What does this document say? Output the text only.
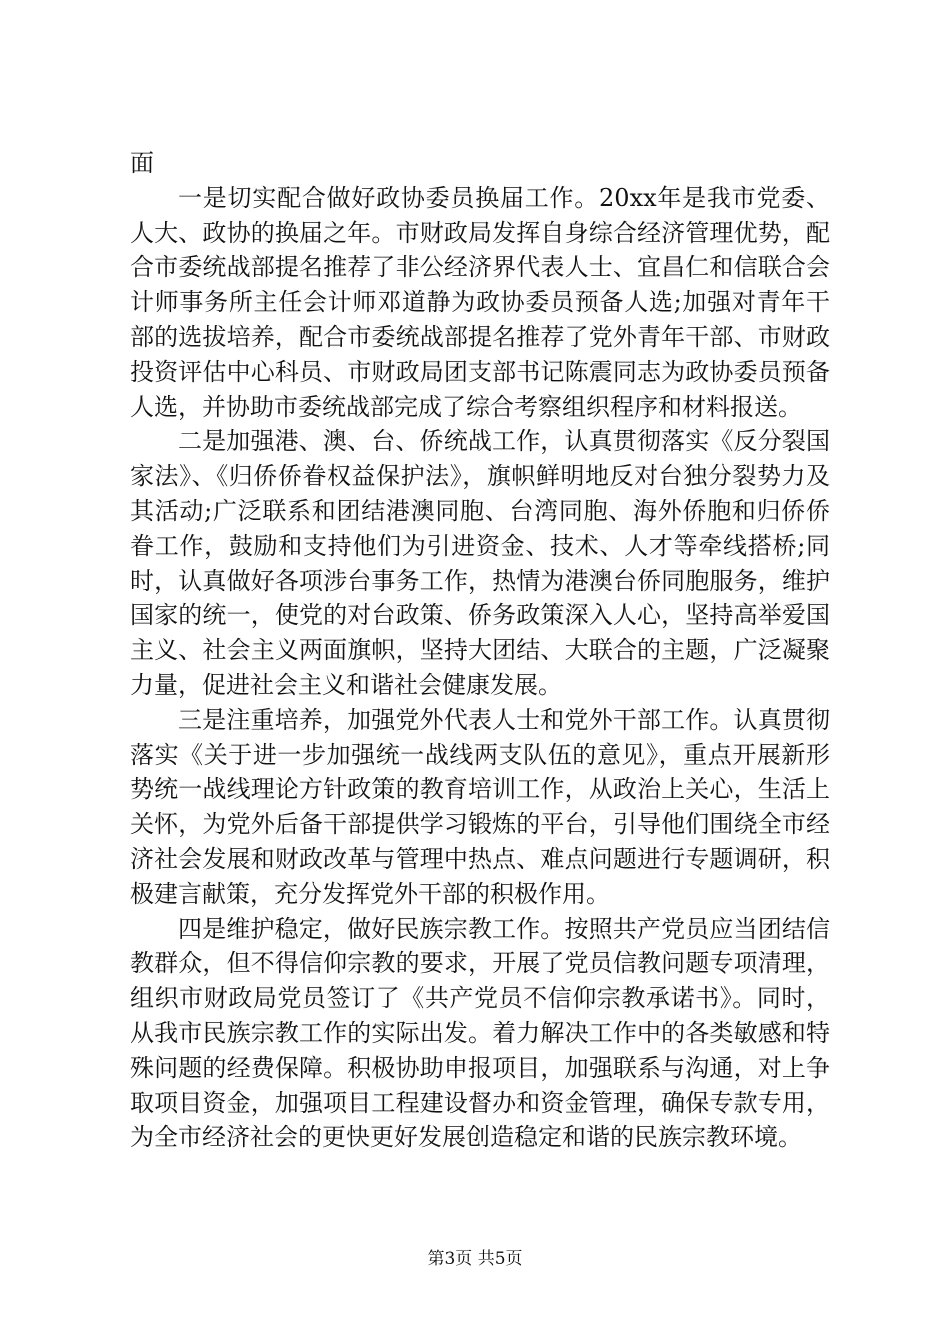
面

一是切实配合做好政协委员换届工作。20xx年是我市党委、人大、政协的换届之年。市财政局发挥自身综合经济管理优势，配合市委统战部提名推荐了非公经济界代表人士、宜昌仁和信联合会计师事务所主任会计师邓道静为政协委员预备人选;加强对青年干部的选拔培养，配合市委统战部提名推荐了党外青年干部、市财政投资评估中心科员、市财政局团支部书记陈震同志为政协委员预备人选，并协助市委统战部完成了综合考察组织程序和材料报送。

二是加强港、澳、台、侨统战工作，认真贯彻落实《反分裂国家法》、《归侨侨眷权益保护法》，旗帜鲜明地反对台独分裂势力及其活动;广泛联系和团结港澳同胞、台湾同胞、海外侨胞和归侨侨眷工作，鼓励和支持他们为引进资金、技术、人才等牵线搭桥;同时，认真做好各项涉台事务工作，热情为港澳台侨同胞服务，维护国家的统一，使党的对台政策、侨务政策深入人心，坚持高举爱国主义、社会主义两面旗帜，坚持大团结、大联合的主题，广泛凝聚力量，促进社会主义和谐社会健康发展。

三是注重培养，加强党外代表人士和党外干部工作。认真贯彻落实《关于进一步加强统一战线两支队伍的意见》，重点开展新形势统一战线理论方针政策的教育培训工作，从政治上关心，生活上关怀，为党外后备干部提供学习锻炼的平台，引导他们围绕全市经济社会发展和财政改革与管理中热点、难点问题进行专题调研，积极建言献策，充分发挥党外干部的积极作用。

四是维护稳定，做好民族宗教工作。按照共产党员应当团结信教群众，但不得信仰宗教的要求，开展了党员信教问题专项清理，组织市财政局党员签订了《共产党员不信仰宗教承诺书》。同时，从我市民族宗教工作的实际出发。着力解决工作中的各类敏感和特殊问题的经费保障。积极协助申报项目，加强联系与沟通，对上争取项目资金，加强项目工程建设督办和资金管理，确保专款专用，为全市经济社会的更快更好发展创造稳定和谐的民族宗教环境。

第3页 共5页
